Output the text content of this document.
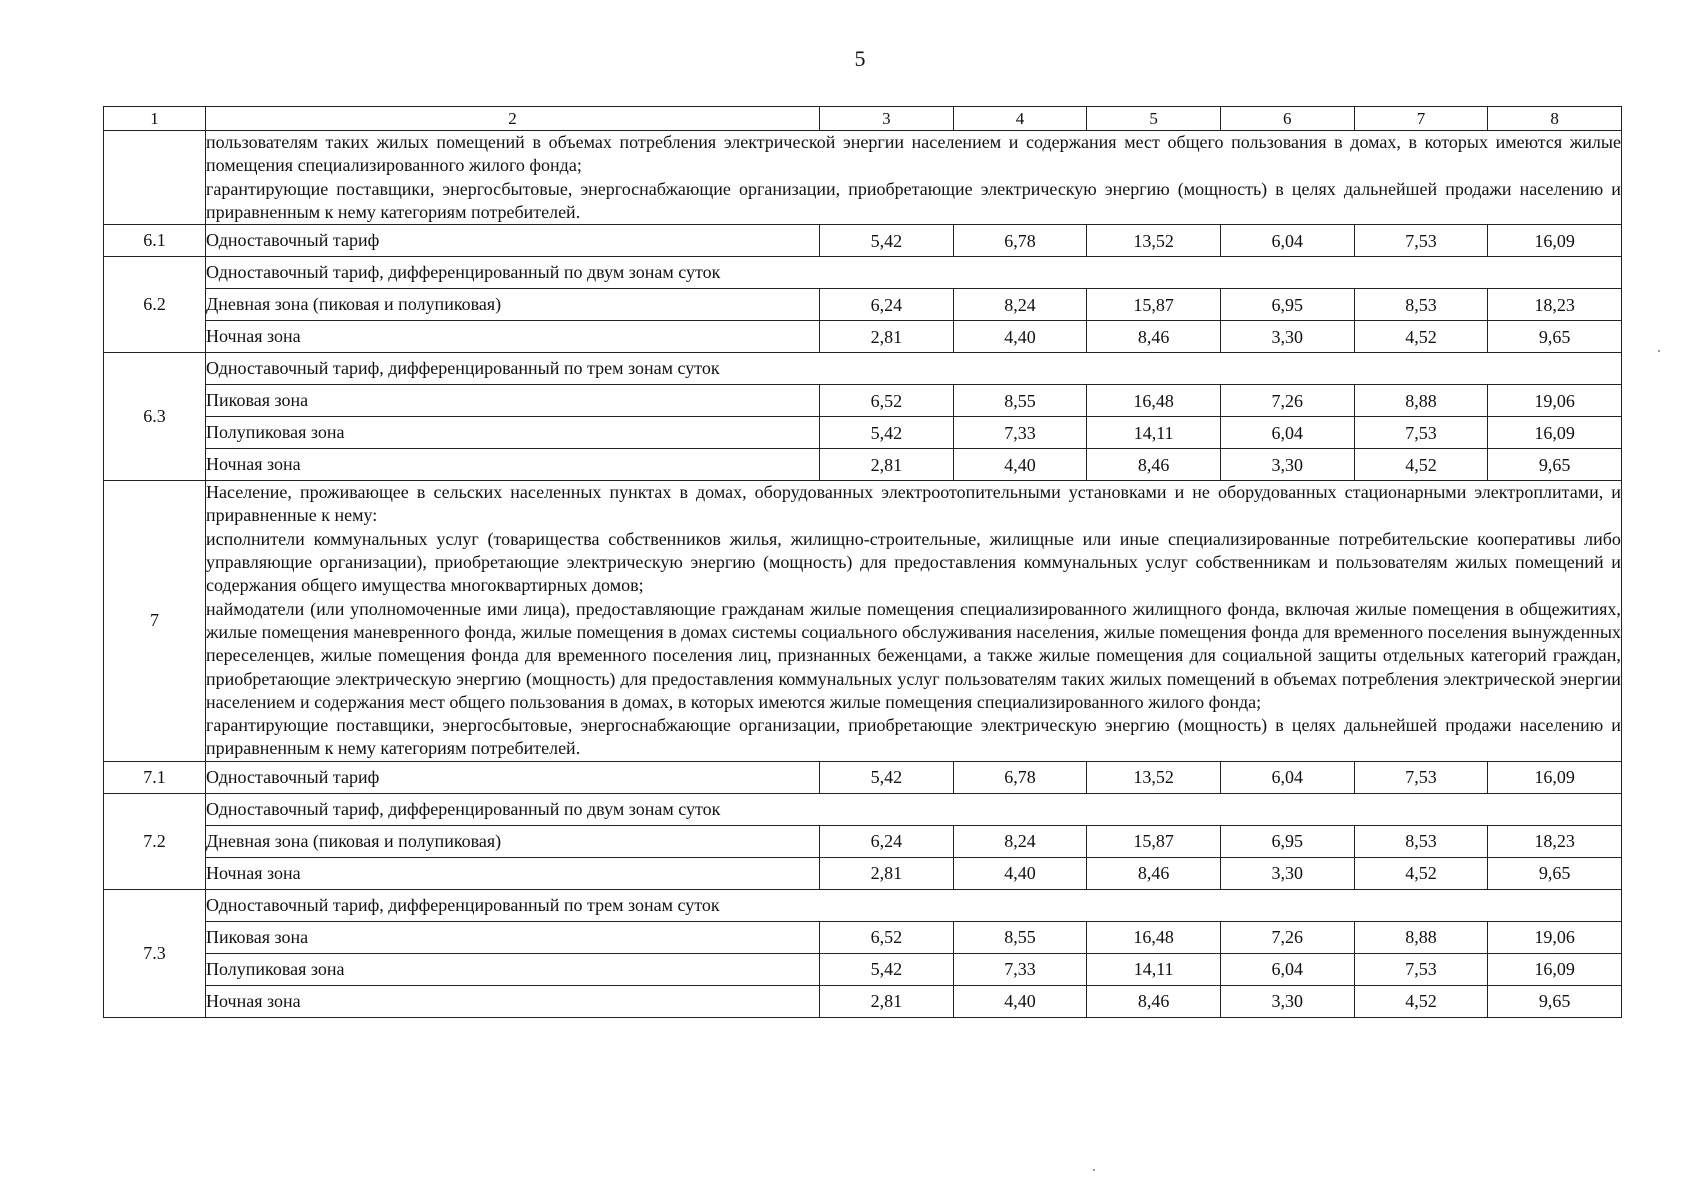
5
1	2	3	4	5	6	7	8

	пользователям таких жилых помещений в объемах потребления электрической энергии населением и содержания мест общего пользования в домах, в которых имеются жилые помещения специализированного жилого фонда;
гарантирующие поставщики, энергосбытовые, энергоснабжающие организации, приобретающие электрическую энергию (мощность) в целях дальнейшей продажи населению и приравненным к нему категориям потребителей.						

6.1	Одноставочный тариф	5,42	6,78	13,52	6,04	7,53	16,09
6.2	Одноставочный тариф, дифференцированный по двум зонам суток						
	Дневная зона (пиковая и полупиковая)	6,24	8,24	15,87	6,95	8,53	18,23
	Ночная зона	2,81	4,40	8,46	3,30	4,52	9,65
6.3	Одноставочный тариф, дифференцированный по трем зонам суток						
	Пиковая зона	6,52	8,55	16,48	7,26	8,88	19,06
	Полупиковая зона	5,42	7,33	14,11	6,04	7,53	16,09
	Ночная зона	2,81	4,40	8,46	3,30	4,52	9,65
7	Население, проживающее в сельских населенных пунктах в домах, оборудованных электроотопительными установками и не оборудованных стационарными электроплитами, и приравненные к нему:
исполнители коммунальных услуг (товарищества собственников жилья, жилищно-строительные, жилищные или иные специализированные потребительские кооперативы либо управляющие организации), приобретающие электрическую энергию (мощность) для предоставления коммунальных услуг собственникам и пользователям жилых помещений и содержания общего имущества многоквартирных домов;
наймодатели (или уполномоченные ими лица), предоставляющие гражданам жилые помещения специализированного жилищного фонда, включая жилые помещения в общежитиях, жилые помещения маневренного фонда, жилые помещения в домах системы социального обслуживания населения, жилые помещения фонда для временного поселения вынужденных переселенцев, жилые помещения фонда для временного поселения лиц, признанных беженцами, а также жилые помещения для социальной защиты отдельных категорий граждан, приобретающие электрическую энергию (мощность) для предоставления коммунальных услуг пользователям таких жилых помещений в объемах потребления электрической энергии населением и содержания мест общего пользования в домах, в которых имеются жилые помещения специализированного жилого фонда;
гарантирующие поставщики, энергосбытовые, энергоснабжающие организации, приобретающие электрическую энергию (мощность) в целях дальнейшей продажи населению и приравненным к нему категориям потребителей.						

7.1	Одноставочный тариф	5,42	6,78	13,52	6,04	7,53	16,09
7.2	Одноставочный тариф, дифференцированный по двум зонам суток						
	Дневная зона (пиковая и полупиковая)	6,24	8,24	15,87	6,95	8,53	18,23
	Ночная зона	2,81	4,40	8,46	3,30	4,52	9,65
7.3	Одноставочный тариф, дифференцированный по трем зонам суток						
	Пиковая зона	6,52	8,55	16,48	7,26	8,88	19,06
	Полупиковая зона	5,42	7,33	14,11	6,04	7,53	16,09
	Ночная зона	2,81	4,40	8,46	3,30	4,52	9,65
